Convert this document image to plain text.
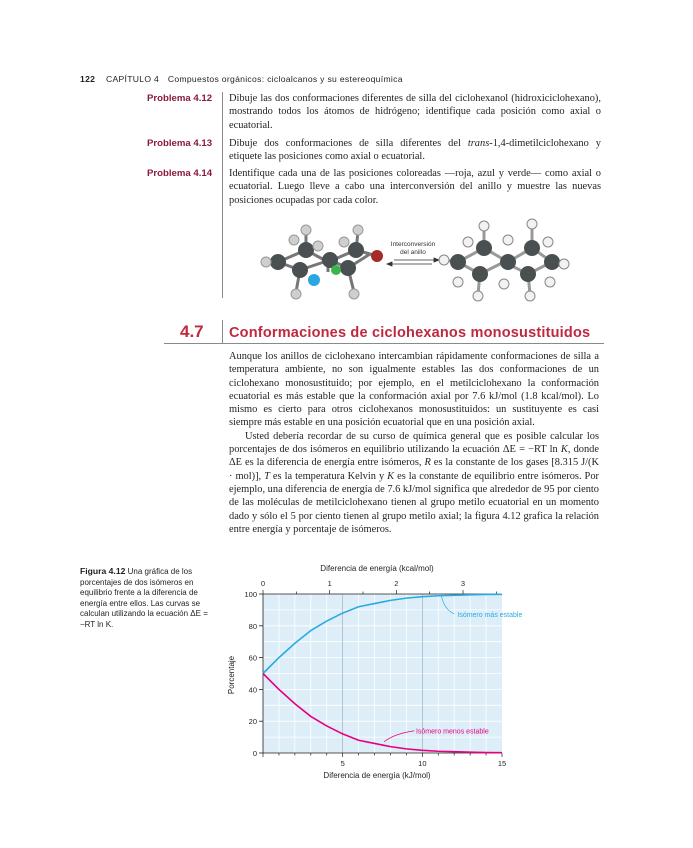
122 CAPÍTULO 4 Compuestos orgánicos: cicloalcanos y su estereoquímica
Problema 4.12 Dibuje las dos conformaciones diferentes de silla del ciclohexanol (hidroxiciclohexano), mostrando todos los átomos de hidrógeno; identifique cada posición como axial o ecuatorial.
Problema 4.13 Dibuje dos conformaciones de silla diferentes del trans-1,4-dimetilciclohexano y etiquete las posiciones como axial o ecuatorial.
Problema 4.14 Identifique cada una de las posiciones coloreadas —roja, azul y verde— como axial o ecuatorial. Luego lleve a cabo una interconversión del anillo y muestre las nuevas posiciones ocupadas por cada color.
Interconversión
del anillo
4.7 Conformaciones de ciclohexanos monosustituidos

Aunque los anillos de ciclohexano intercambian rápidamente conformaciones de silla a temperatura ambiente, no son igualmente estables las dos conformaciones de un ciclohexano monosustituido; por ejemplo, en el metilciclohexano la conformación ecuatorial es más estable que la conformación axial por 7.6 kJ/mol (1.8 kcal/mol). Lo mismo es cierto para otros ciclohexanos monosustituidos: un sustituyente es casi siempre más estable en una posición ecuatorial que en una posición axial.

Usted debería recordar de su curso de química general que es posible calcular los porcentajes de dos isómeros en equilibrio utilizando la ecuación ΔE = −RT ln K, donde ΔE es la diferencia de energía entre isómeros, R es la constante de los gases [8.315 J/(K · mol)], T es la temperatura Kelvin y K es la constante de equilibrio entre isómeros. Por ejemplo, una diferencia de energía de 7.6 kJ/mol significa que alrededor de 95 por ciento de las moléculas de metilciclohexano tienen al grupo metilo ecuatorial en un momento dado y sólo el 5 por ciento tienen al grupo metilo axial; la figura 4.12 grafica la relación entre energía y porcentaje de isómeros.

Figura 4.12 Una gráfica de los porcentajes de dos isómeros en equilibrio frente a la diferencia de energía entre ellos. Las curvas se calculan utilizando la ecuación ΔE = −RT ln K.
Diferencia de energía (kcal/mol)
Diferencia de energía (kJ/mol)
Porcentaje
0
20
40
60
80
100
5	10	15
0	1	2	3
Isómero más estable
Isómero menos estable
